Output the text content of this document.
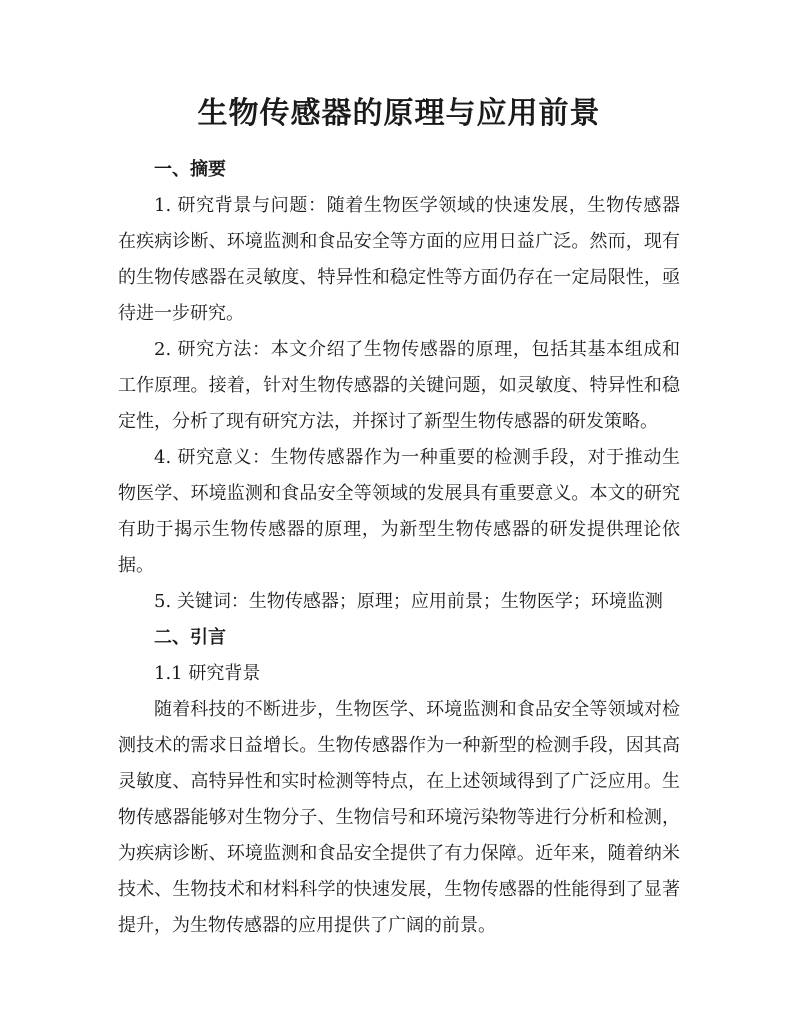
生物传感器的原理与应用前景

一、摘要

1. 研究背景与问题：随着生物医学领域的快速发展，生物传感器在疾病诊断、环境监测和食品安全等方面的应用日益广泛。然而，现有的生物传感器在灵敏度、特异性和稳定性等方面仍存在一定局限性，亟待进一步研究。

2. 研究方法：本文介绍了生物传感器的原理，包括其基本组成和工作原理。接着，针对生物传感器的关键问题，如灵敏度、特异性和稳定性，分析了现有研究方法，并探讨了新型生物传感器的研发策略。

4. 研究意义：生物传感器作为一种重要的检测手段，对于推动生物医学、环境监测和食品安全等领域的发展具有重要意义。本文的研究有助于揭示生物传感器的原理，为新型生物传感器的研发提供理论依据。

5. 关键词：生物传感器；原理；应用前景；生物医学；环境监测

二、引言

1.1 研究背景

随着科技的不断进步，生物医学、环境监测和食品安全等领域对检测技术的需求日益增长。生物传感器作为一种新型的检测手段，因其高灵敏度、高特异性和实时检测等特点，在上述领域得到了广泛应用。生物传感器能够对生物分子、生物信号和环境污染物等进行分析和检测，为疾病诊断、环境监测和食品安全提供了有力保障。近年来，随着纳米技术、生物技术和材料科学的快速发展，生物传感器的性能得到了显著提升，为生物传感器的应用提供了广阔的前景。
